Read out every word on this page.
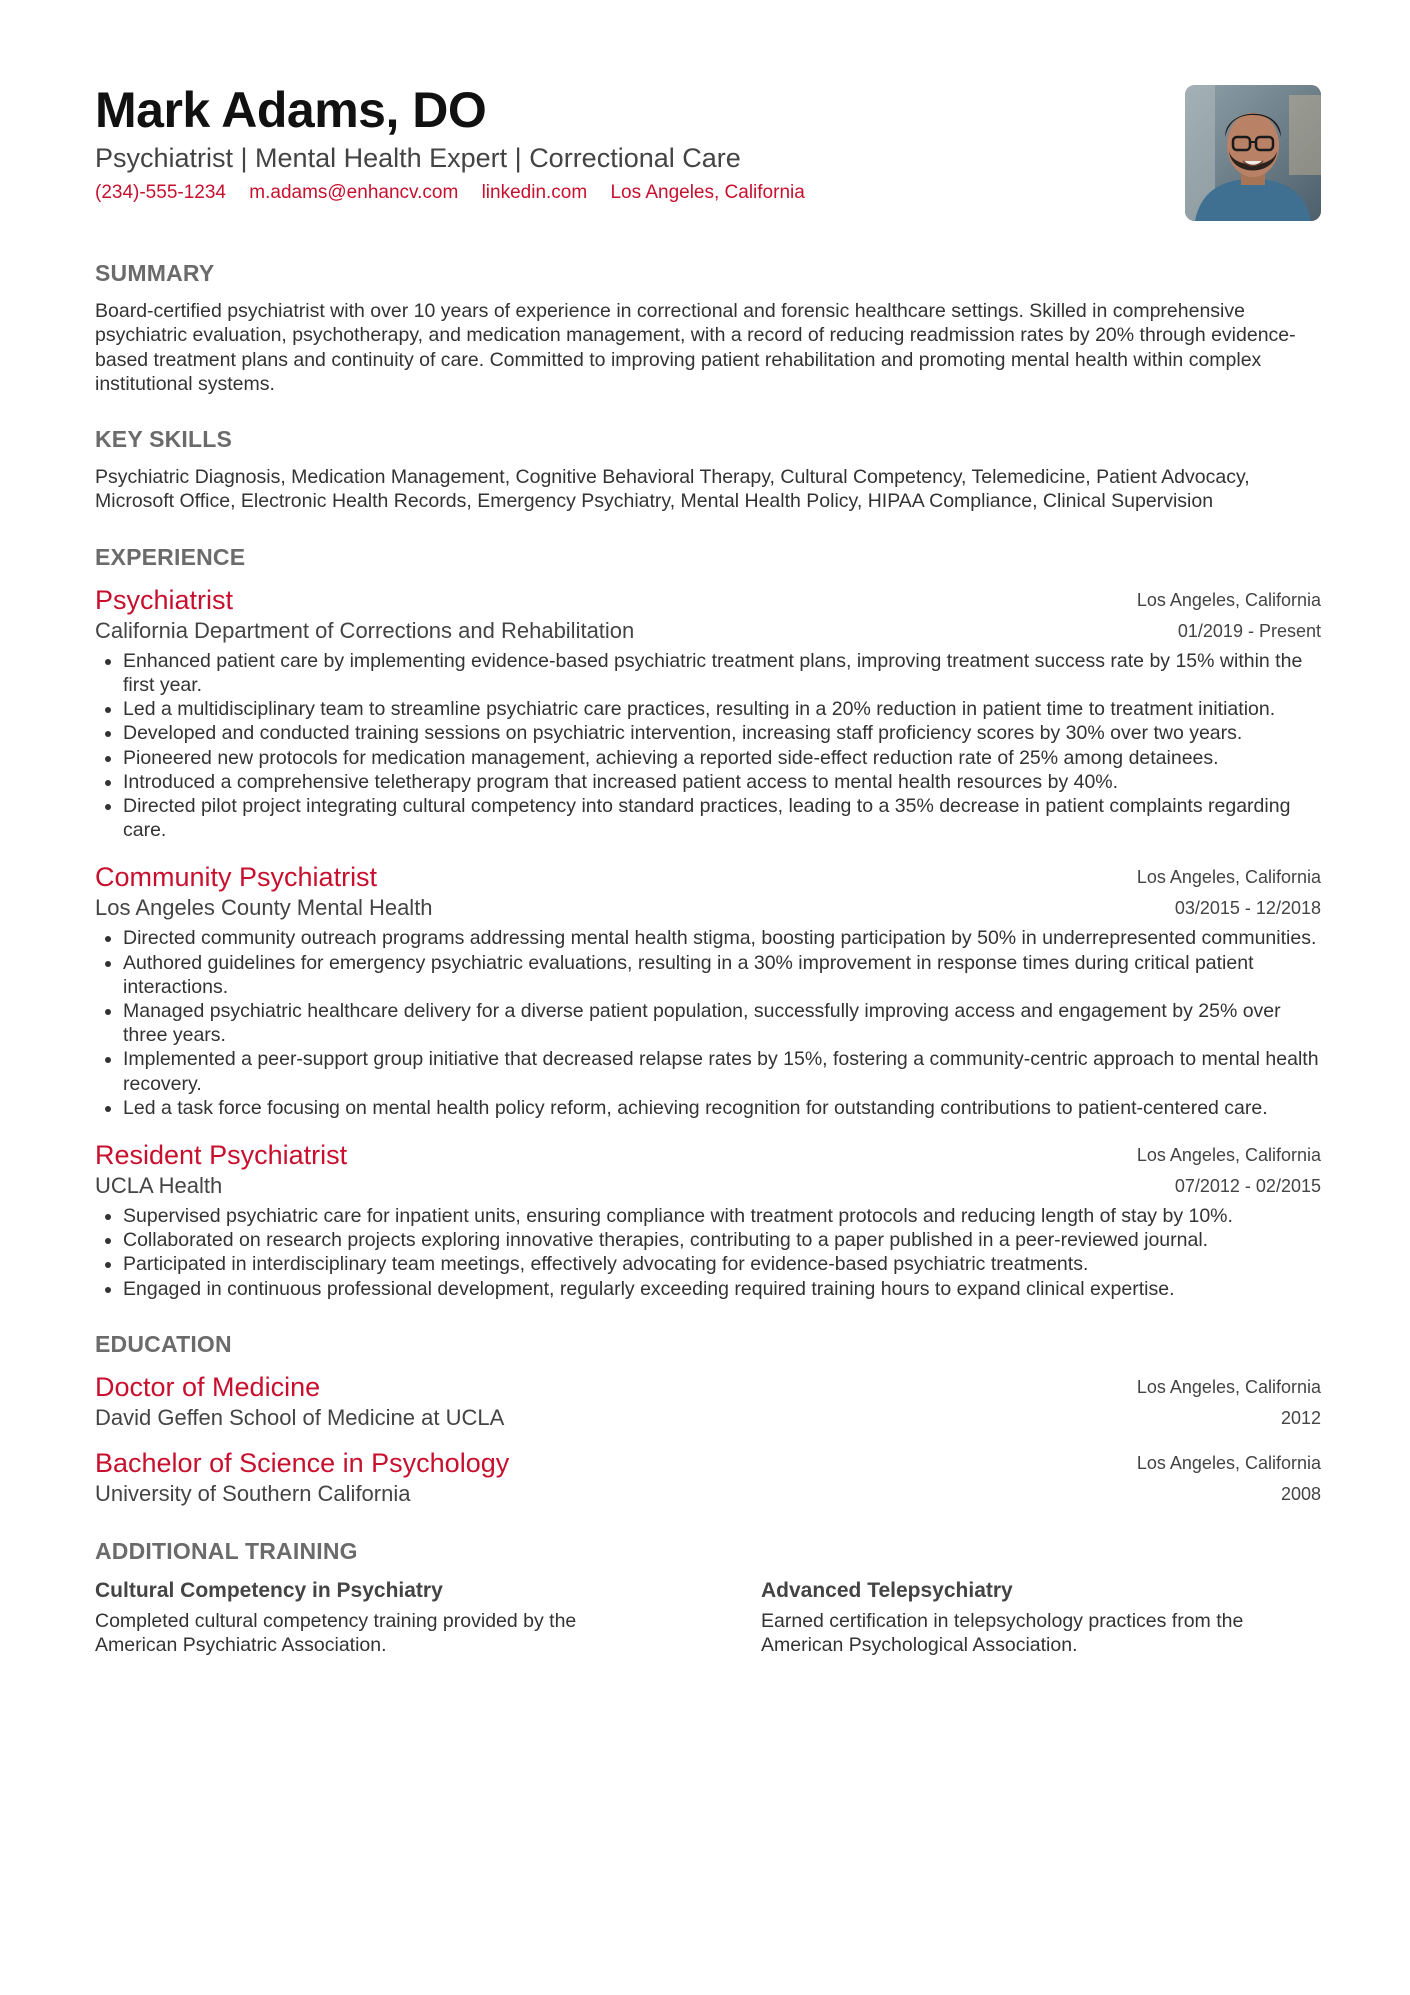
Mark Adams, DO
Psychiatrist | Mental Health Expert | Correctional Care
(234)-555-1234 m.adams@enhancv.com linkedin.com Los Angeles, California
SUMMARY
Board-certified psychiatrist with over 10 years of experience in correctional and forensic healthcare settings. Skilled in comprehensive psychiatric evaluation, psychotherapy, and medication management, with a record of reducing readmission rates by 20% through evidence-based treatment plans and continuity of care. Committed to improving patient rehabilitation and promoting mental health within complex institutional systems.
KEY SKILLS
Psychiatric Diagnosis, Medication Management, Cognitive Behavioral Therapy, Cultural Competency, Telemedicine, Patient Advocacy, Microsoft Office, Electronic Health Records, Emergency Psychiatry, Mental Health Policy, HIPAA Compliance, Clinical Supervision
EXPERIENCE
Psychiatrist
California Department of Corrections and Rehabilitation
Los Angeles, California
01/2019 - Present
• Enhanced patient care by implementing evidence-based psychiatric treatment plans, improving treatment success rate by 15% within the first year.
• Led a multidisciplinary team to streamline psychiatric care practices, resulting in a 20% reduction in patient time to treatment initiation.
• Developed and conducted training sessions on psychiatric intervention, increasing staff proficiency scores by 30% over two years.
• Pioneered new protocols for medication management, achieving a reported side-effect reduction rate of 25% among detainees.
• Introduced a comprehensive teletherapy program that increased patient access to mental health resources by 40%.
• Directed pilot project integrating cultural competency into standard practices, leading to a 35% decrease in patient complaints regarding care.
Community Psychiatrist
Los Angeles County Mental Health
Los Angeles, California
03/2015 - 12/2018
• Directed community outreach programs addressing mental health stigma, boosting participation by 50% in underrepresented communities.
• Authored guidelines for emergency psychiatric evaluations, resulting in a 30% improvement in response times during critical patient interactions.
• Managed psychiatric healthcare delivery for a diverse patient population, successfully improving access and engagement by 25% over three years.
• Implemented a peer-support group initiative that decreased relapse rates by 15%, fostering a community-centric approach to mental health recovery.
• Led a task force focusing on mental health policy reform, achieving recognition for outstanding contributions to patient-centered care.
Resident Psychiatrist
UCLA Health
Los Angeles, California
07/2012 - 02/2015
• Supervised psychiatric care for inpatient units, ensuring compliance with treatment protocols and reducing length of stay by 10%.
• Collaborated on research projects exploring innovative therapies, contributing to a paper published in a peer-reviewed journal.
• Participated in interdisciplinary team meetings, effectively advocating for evidence-based psychiatric treatments.
• Engaged in continuous professional development, regularly exceeding required training hours to expand clinical expertise.
EDUCATION
Doctor of Medicine
David Geffen School of Medicine at UCLA
Los Angeles, California
2012
Bachelor of Science in Psychology
University of Southern California
Los Angeles, California
2008
ADDITIONAL TRAINING
Cultural Competency in Psychiatry
Completed cultural competency training provided by the American Psychiatric Association.
Advanced Telepsychiatry
Earned certification in telepsychology practices from the American Psychological Association.
